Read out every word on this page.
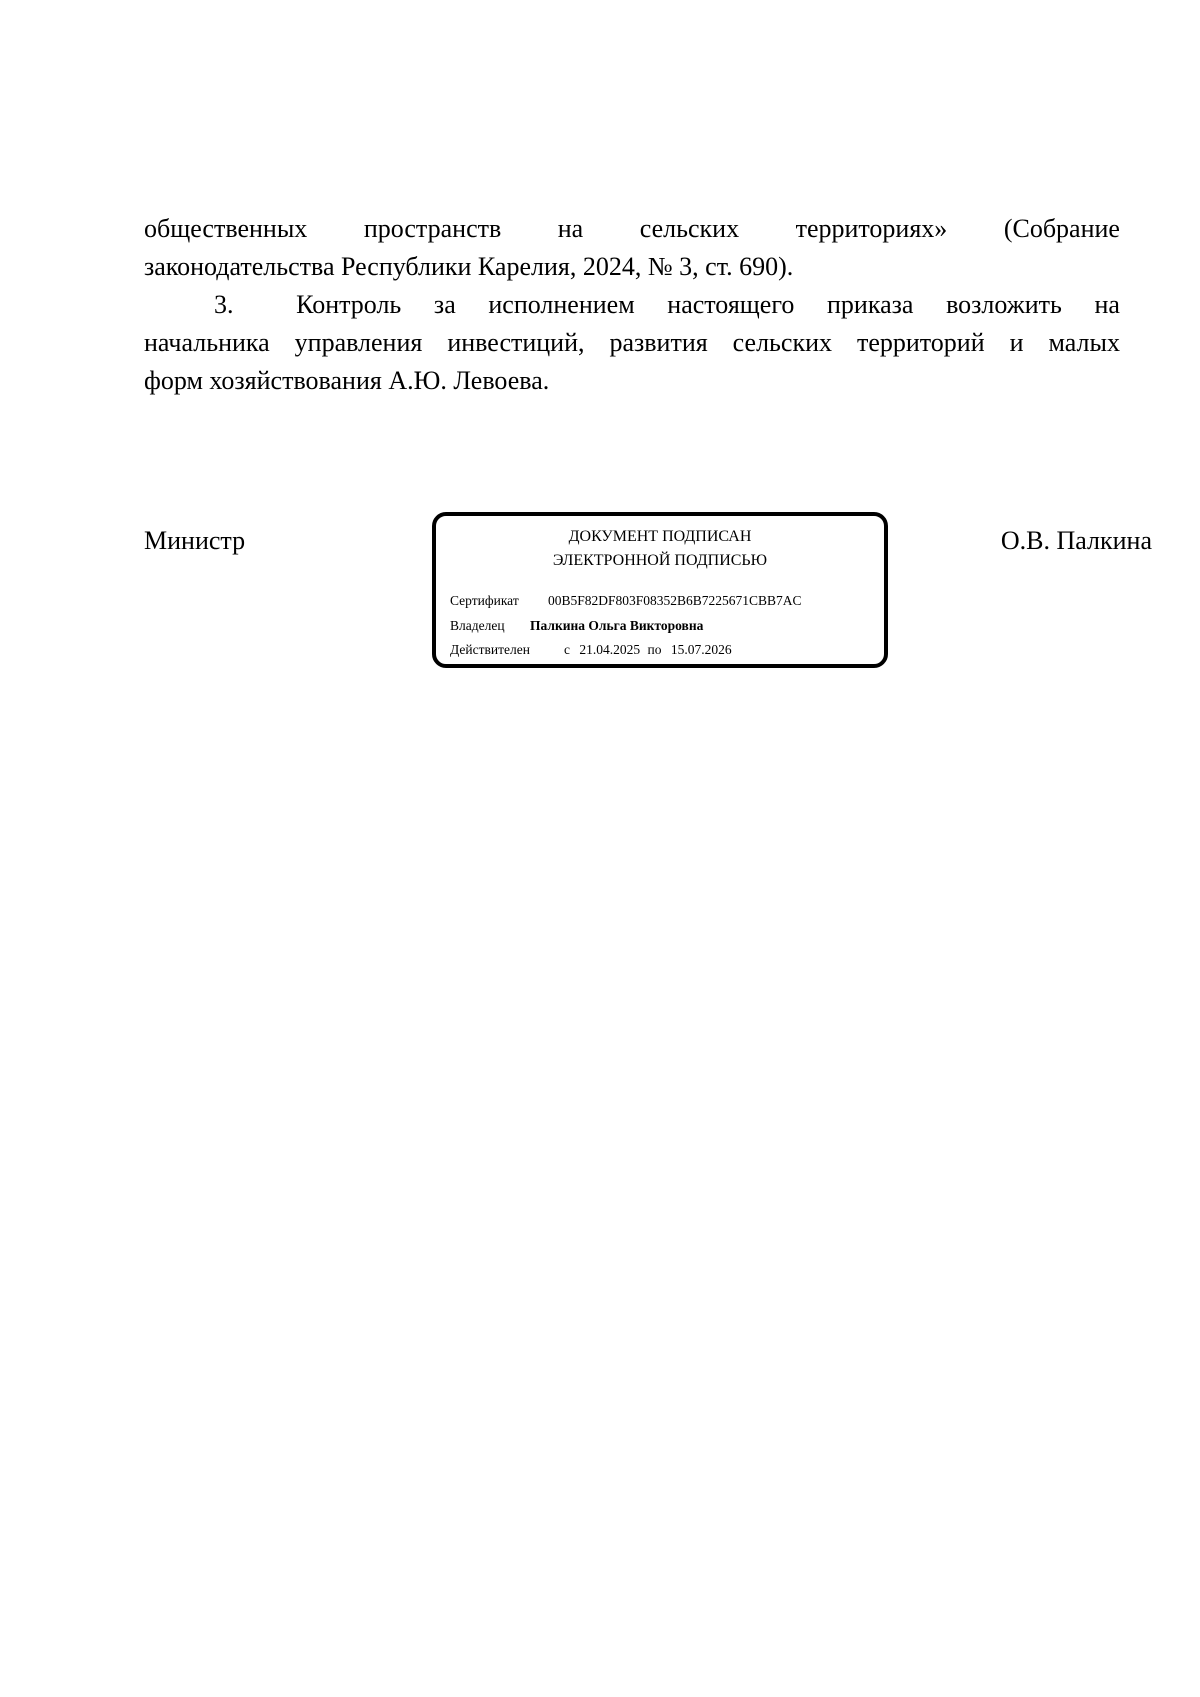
общественных пространств на сельских территориях» (Собрание
законодательства Республики Карелия, 2024, № 3, ст. 690).
3. Контроль за исполнением настоящего приказа возложить на
начальника управления инвестиций, развития сельских территорий и малых
форм хозяйствования А.Ю. Левоева.
Министр	ДОКУМЕНТ ПОДПИСАН
ЭЛЕКТРОННОЙ ПОДПИСЬЮ
Сертификат 00B5F82DF803F08352B6B7225671CBB7AC
Владелец Палкина Ольга Викторовна
Действителен	с 21.04.2025 по 15.07.2026
О.В. Палкина
